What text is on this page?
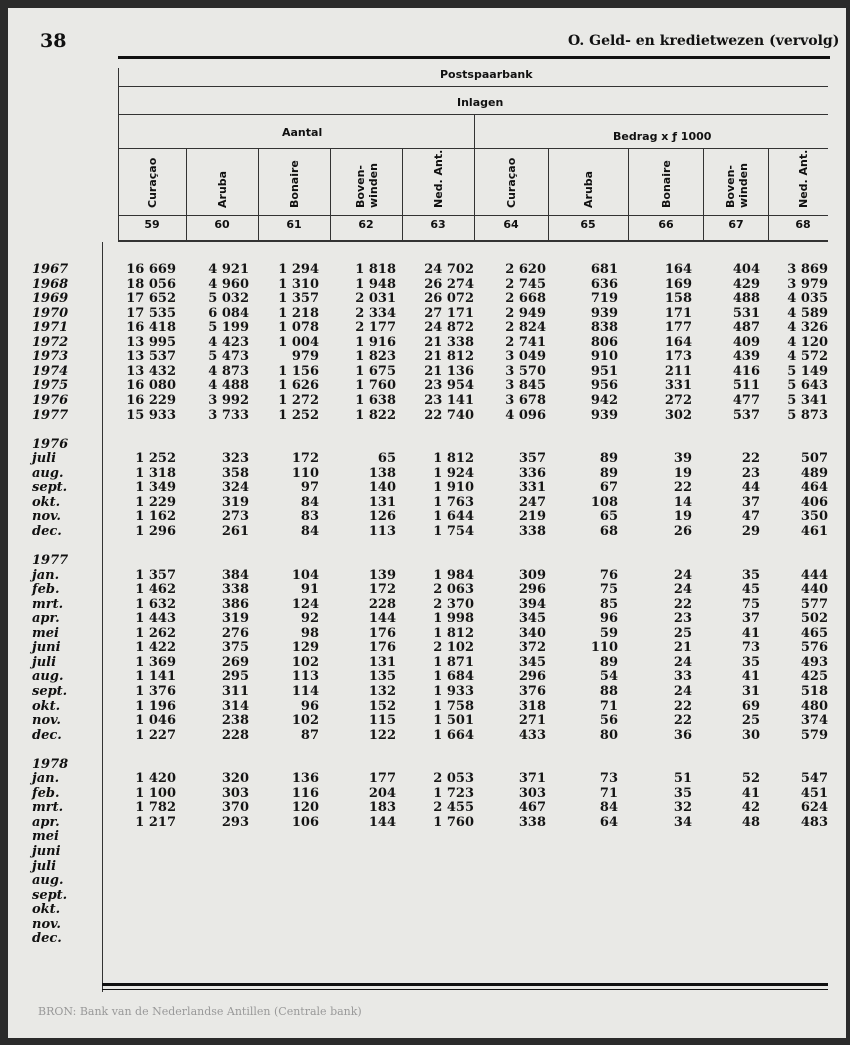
38	O. Geld- en kredietwezen (vervolg)
Postspaarbank
Inlagen
Aantal	Bedrag x ƒ 1000
Curaçao
59
Aruba
60
Bonaire
61
Boven- winden
62
Ned. Ant.
63
Curaçao
64
Aruba
65
Bonaire
66
Boven- winden
67
Ned. Ant.
68
1967	16 669	4 921	1 294	1 818	24 702	2 620	681	164	404	3 869
1968	18 056	4 960	1 310	1 948	26 274	2 745	636	169	429	3 979
1969	17 652	5 032	1 357	2 031	26 072	2 668	719	158	488	4 035
1970	17 535	6 084	1 218	2 334	27 171	2 949	939	171	531	4 589
1971	16 418	5 199	1 078	2 177	24 872	2 824	838	177	487	4 326
1972	13 995	4 423	1 004	1 916	21 338	2 741	806	164	409	4 120
1973	13 537	5 473	979	1 823	21 812	3 049	910	173	439	4 572
1974	13 432	4 873	1 156	1 675	21 136	3 570	951	211	416	5 149
1975	16 080	4 488	1 626	1 760	23 954	3 845	956	331	511	5 643
1976	16 229	3 992	1 272	1 638	23 141	3 678	942	272	477	5 341
1977	15 933	3 733	1 252	1 822	22 740	4 096	939	302	537	5 873
1976
juli	1 252	323	172	65	1 812	357	89	39	22	507
aug.	1 318	358	110	138	1 924	336	89	19	23	489
sept.	1 349	324	97	140	1 910	331	67	22	44	464
okt.	1 229	319	84	131	1 763	247	108	14	37	406
nov.	1 162	273	83	126	1 644	219	65	19	47	350
dec.	1 296	261	84	113	1 754	338	68	26	29	461
1977
jan.	1 357	384	104	139	1 984	309	76	24	35	444
feb.	1 462	338	91	172	2 063	296	75	24	45	440
mrt.	1 632	386	124	228	2 370	394	85	22	75	577
apr.	1 443	319	92	144	1 998	345	96	23	37	502
mei	1 262	276	98	176	1 812	340	59	25	41	465
juni	1 422	375	129	176	2 102	372	110	21	73	576
juli	1 369	269	102	131	1 871	345	89	24	35	493
aug.	1 141	295	113	135	1 684	296	54	33	41	425
sept.	1 376	311	114	132	1 933	376	88	24	31	518
okt.	1 196	314	96	152	1 758	318	71	22	69	480
nov.	1 046	238	102	115	1 501	271	56	22	25	374
dec.	1 227	228	87	122	1 664	433	80	36	30	579
1978
jan.	1 420	320	136	177	2 053	371	73	51	52	547
feb.	1 100	303	116	204	1 723	303	71	35	41	451
mrt.	1 782	370	120	183	2 455	467	84	32	42	624
apr.	1 217	293	106	144	1 760	338	64	34	48	483
mei
juni
juli
aug.
sept.
okt.
nov.
dec.
BRON: Bank van de Nederlandse Antillen (Centrale bank)
